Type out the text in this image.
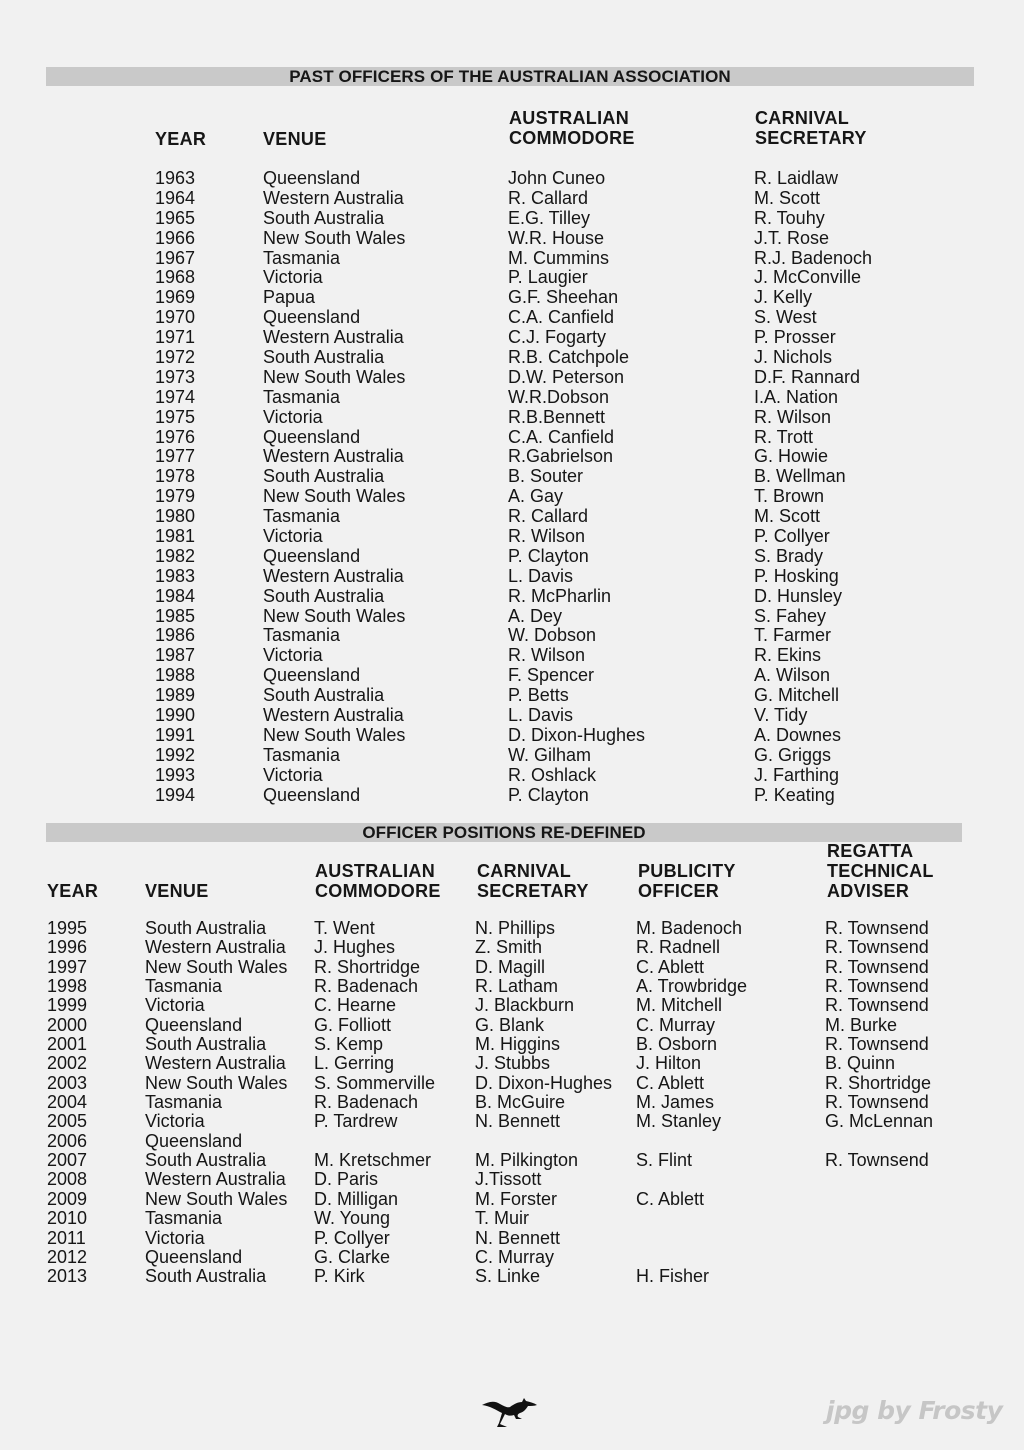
PAST OFFICERS OF THE AUSTRALIAN ASSOCIATION
YEAR	VENUE
AUSTRALIAN
COMMODORE
CARNIVAL
SECRETARY
1963
1964
1965
1966
1967
1968
1969
1970
1971
1972
1973
1974
1975
1976
1977
1978
1979
1980
1981
1982
1983
1984
1985
1986
1987
1988
1989
1990
1991
1992
1993
1994
Queensland
Western Australia
South Australia
New South Wales
Tasmania
Victoria
Papua
Queensland
Western Australia
South Australia
New South Wales
Tasmania
Victoria
Queensland
Western Australia
South Australia
New South Wales
Tasmania
Victoria
Queensland
Western Australia
South Australia
New South Wales
Tasmania
Victoria
Queensland
South Australia
Western Australia
New South Wales
Tasmania
Victoria
Queensland
John Cuneo
R. Callard
E.G. Tilley
W.R. House
M. Cummins
P. Laugier
G.F. Sheehan
C.A. Canfield
C.J. Fogarty
R.B. Catchpole
D.W. Peterson
W.R.Dobson
R.B.Bennett
C.A. Canfield
R.Gabrielson
B. Souter
A. Gay
R. Callard
R. Wilson
P. Clayton
L. Davis
R. McPharlin
A. Dey
W. Dobson
R. Wilson
F. Spencer
P. Betts
L. Davis
D. Dixon-Hughes
W. Gilham
R. Oshlack
P. Clayton
R. Laidlaw
M. Scott
R. Touhy
J.T. Rose
R.J. Badenoch
J. McConville
J. Kelly
S. West
P. Prosser
J. Nichols
D.F. Rannard
I.A. Nation
R. Wilson
R. Trott
G. Howie
B. Wellman
T. Brown
M. Scott
P. Collyer
S. Brady
P. Hosking
D. Hunsley
S. Fahey
T. Farmer
R. Ekins
A. Wilson
G. Mitchell
V. Tidy
A. Downes
G. Griggs
J. Farthing
P. Keating
OFFICER POSITIONS RE-DEFINED
YEAR	VENUE
AUSTRALIAN
COMMODORE
CARNIVAL
SECRETARY
PUBLICITY
OFFICER
REGATTA
TECHNICAL
ADVISER
1995
1996
1997
1998
1999
2000
2001
2002
2003
2004
2005
2006
2007
2008
2009
2010
2011
2012
2013
South Australia
Western Australia
New South Wales
Tasmania
Victoria
Queensland
South Australia
Western Australia
New South Wales
Tasmania
Victoria
Queensland
South Australia
Western Australia
New South Wales
Tasmania
Victoria
Queensland
South Australia
T. Went
J. Hughes
R. Shortridge
R. Badenach
C. Hearne
G. Folliott
S. Kemp
L. Gerring
S. Sommerville
R. Badenach
P. Tardrew
M. Kretschmer
D. Paris
D. Milligan
W. Young
P. Collyer
G. Clarke
P. Kirk
N. Phillips
Z. Smith
D. Magill
R. Latham
J. Blackburn
G. Blank
M. Higgins
J. Stubbs
D. Dixon-Hughes
B. McGuire
N. Bennett
M. Pilkington
J.Tissott
M. Forster
T. Muir
N. Bennett
C. Murray
S. Linke
M. Badenoch
R. Radnell
C. Ablett
A. Trowbridge
M. Mitchell
C. Murray
B. Osborn
J. Hilton
C. Ablett
M. James
M. Stanley
S. Flint
C. Ablett
H. Fisher
R. Townsend
R. Townsend
R. Townsend
R. Townsend
R. Townsend
M. Burke
R. Townsend
B. Quinn
R. Shortridge
R. Townsend
G. McLennan
R. Townsend
jpg by Frosty
